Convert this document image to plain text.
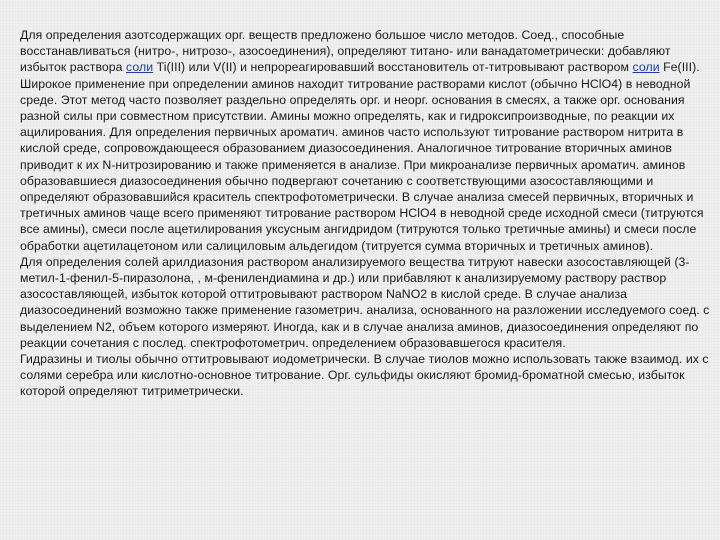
Для определения азотсодержащих орг. веществ предложено большое число методов. Соед., способные восстанавливаться (нитро-, нитрозо-, азосоединения), определяют титано- или ванадатометрически: добавляют избыток раствора соли Ti(III) или V(II) и непрореагировавший восстановитель от-титровывают раствором соли Fe(III).

Широкое применение при определении аминов находит титрование растворами кислот (обычно HClO4) в неводной среде. Этот метод часто позволяет раздельно определять орг. и неорг. основания в смесях, а также орг. основания разной силы при совместном присутствии. Амины можно определять, как и гидроксипроизводные, по реакции их ацилирования. Для определения первичных ароматич. аминов часто используют титрование раствором нитрита в кислой среде, сопровождающееся образованием диазосоединения. Аналогичное титрование вторичных аминов приводит к их N-нитрозированию и также применяется в анализе. При микроанализе первичных ароматич. аминов образовавшиеся диазосоединения обычно подвергают сочетанию с соответствующими азосоставляющими и определяют образовавшийся краситель спектрофотометрически. В случае анализа смесей первичных, вторичных и третичных аминов чаще всего применяют титрование раствором HClO4 в неводной среде исходной смеси (титруются все амины), смеси после ацетилирования уксусным ангидридом (титруются только третичные амины) и смеси после обработки ацетилацетоном или салициловым альдегидом (титруется сумма вторичных и третичных аминов).

Для определения солей арилдиазония раствором анализируемого вещества титруют навески азосоставляющей (3-метил-1-фенил-5-пиразолона, , м-фенилендиамина и др.) или прибавляют к анализируемому раствору раствор азосоставляющей, избыток которой оттитровывают раствором NaNO2 в кислой среде. В случае анализа диазосоединений возможно также применение газометрич. анализа, основанного на разложении исследуемого соед. с выделением N2, объем которого измеряют. Иногда, как и в случае анализа аминов, диазосоединения определяют по реакции сочетания с послед. спектрофотометрич. определением образовавшегося красителя.

Гидразины и тиолы обычно оттитровывают иодометрически. В случае тиолов можно использовать также взаимод. их с солями серебра или кислотно-основное титрование. Орг. сульфиды окисляют бромид-броматной смесью, избыток которой определяют титриметрически.
